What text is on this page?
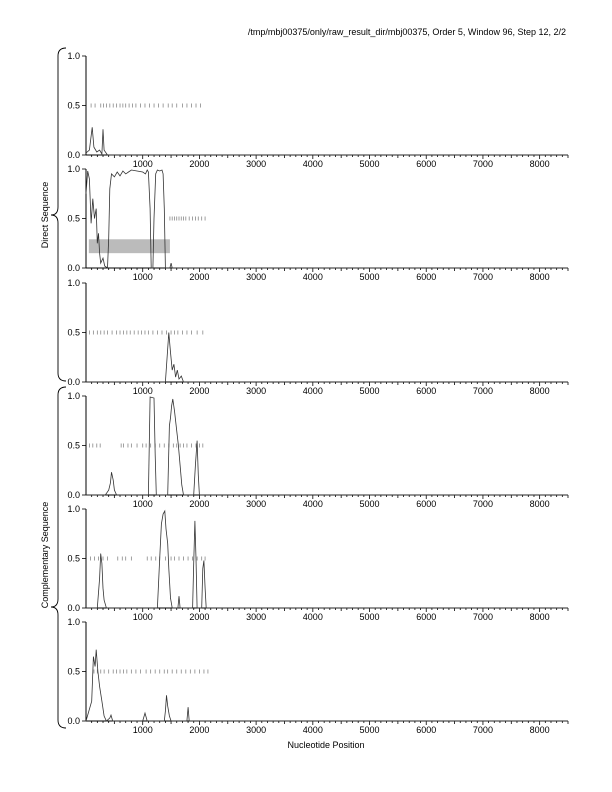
/tmp/mbj00375/only/raw_result_dir/mbj00375, Order 5, Window 96, Step 12, 2/2
Direct Sequence
Complementary Sequence
0.0
0.5
1.0
1000	2000	3000	4000	5000	6000	7000	8000
0.0
0.5
1.0
1000	2000	3000	4000	5000	6000	7000	8000
0.0
0.5
1.0
1000	2000	3000	4000	5000	6000	7000	8000
0.0
0.5
1.0
1000	2000	3000	4000	5000	6000	7000	8000
0.0
0.5
1.0
1000	2000	3000	4000	5000	6000	7000	8000
0.0
0.5
1.0
1000	2000	3000	4000	5000	6000	7000	8000
Nucleotide Position
